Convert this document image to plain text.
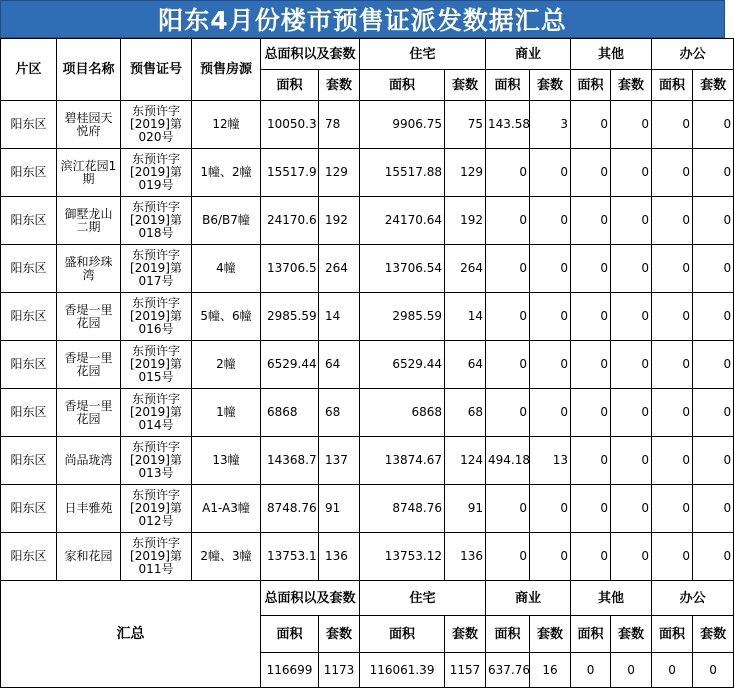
阳东4月份楼市预售证派发数据汇总
片区	项目名称	预售证号	预售房源	总面积以及套数		住宅		商业		其他		办公	
				面积	套数	面积	套数	面积	套数	面积	套数	面积	套数
阳东区	碧桂园天悦府	东预许字[2019]第020号	12幢	10050.3	78	9906.75	75	143.58	3	0	0	0	0
阳东区	滨江花园1期	东预许字[2019]第019号	1幢、2幢	15517.9	129	15517.88	129	0	0	0	0	0	0
阳东区	御墅龙山二期	东预许字[2019]第018号	B6/B7幢	24170.6	192	24170.64	192	0	0	0	0	0	0
阳东区	盛和珍珠湾	东预许字[2019]第017号	4幢	13706.5	264	13706.54	264	0	0	0	0	0	0
阳东区	香堤一里花园	东预许字[2019]第016号	5幢、6幢	2985.59	14	2985.59	14	0	0	0	0	0	0
阳东区	香堤一里花园	东预许字[2019]第015号	2幢	6529.44	64	6529.44	64	0	0	0	0	0	0
阳东区	香堤一里花园	东预许字[2019]第014号	1幢	6868	68	6868	68	0	0	0	0	0	0
阳东区	尚品珑湾	东预许字[2019]第013号	13幢	14368.7	137	13874.67	124	494.18	13	0	0	0	0
阳东区	日丰雅苑	东预许字[2019]第012号	A1-A3幢	8748.76	91	8748.76	91	0	0	0	0	0	0
阳东区	家和花园	东预许字[2019]第011号	2幢、3幢	13753.1	136	13753.12	136	0	0	0	0	0	0
汇总				总面积以及套数		住宅		商业		其他		办公	
				面积	套数	面积	套数	面积	套数	面积	套数	面积	套数
				116699	1173	116061.39	1157	637.76	16	0	0	0	0
